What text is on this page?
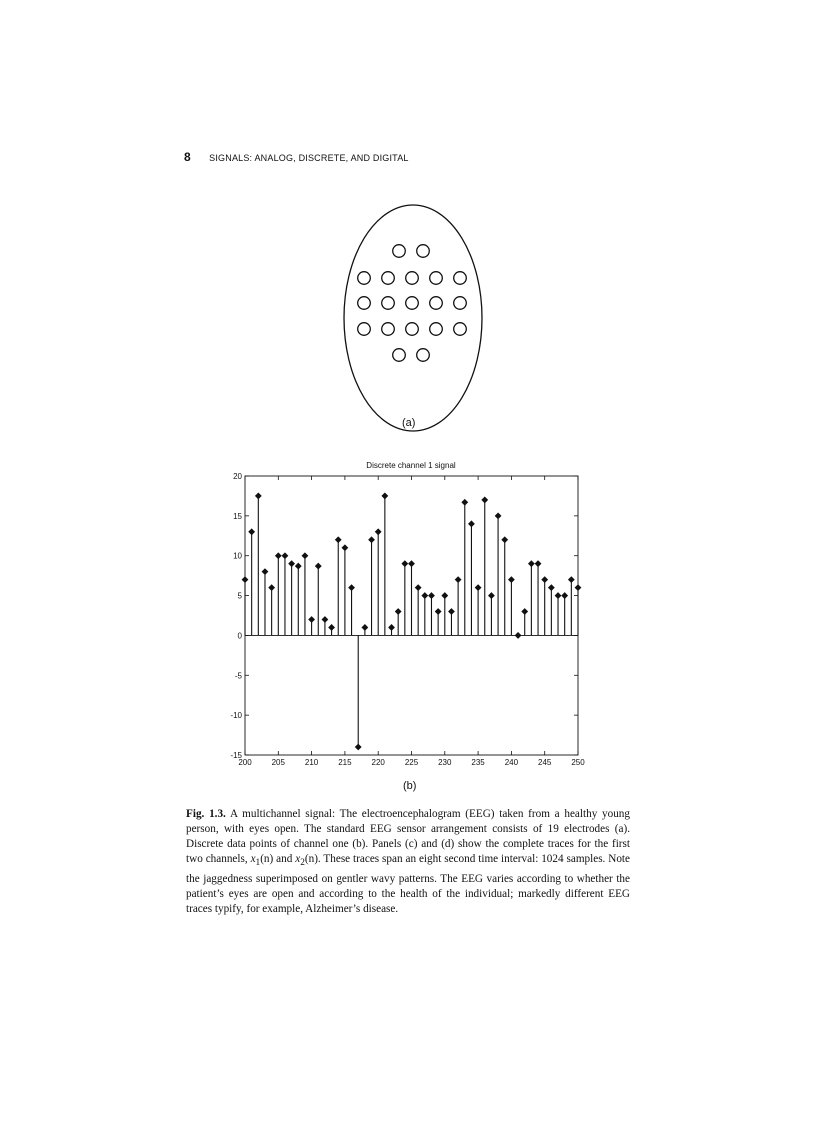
8 SIGNALS: ANALOG, DISCRETE, AND DIGITAL
(a)
Discrete channel 1 signal
20
15
10
5
0
-5
-10
-15
200 205 210 215 220 225 230 235 240 245 250
(b)
Fig. 1.3. A multichannel signal: The electroencephalogram (EEG) taken from a healthy young person, with eyes open. The standard EEG sensor arrangement consists of 19 electrodes (a). Discrete data points of channel one (b). Panels (c) and (d) show the complete traces for the first two channels, $x_1(n)$ and $x_2(n)$. These traces span an eight second time interval: 1024 samples. Note the jaggedness superimposed on gentler wavy patterns. The EEG varies according to whether the patient’s eyes are open and according to the health of the individual; markedly different EEG traces typify, for example, Alzheimer’s disease.
